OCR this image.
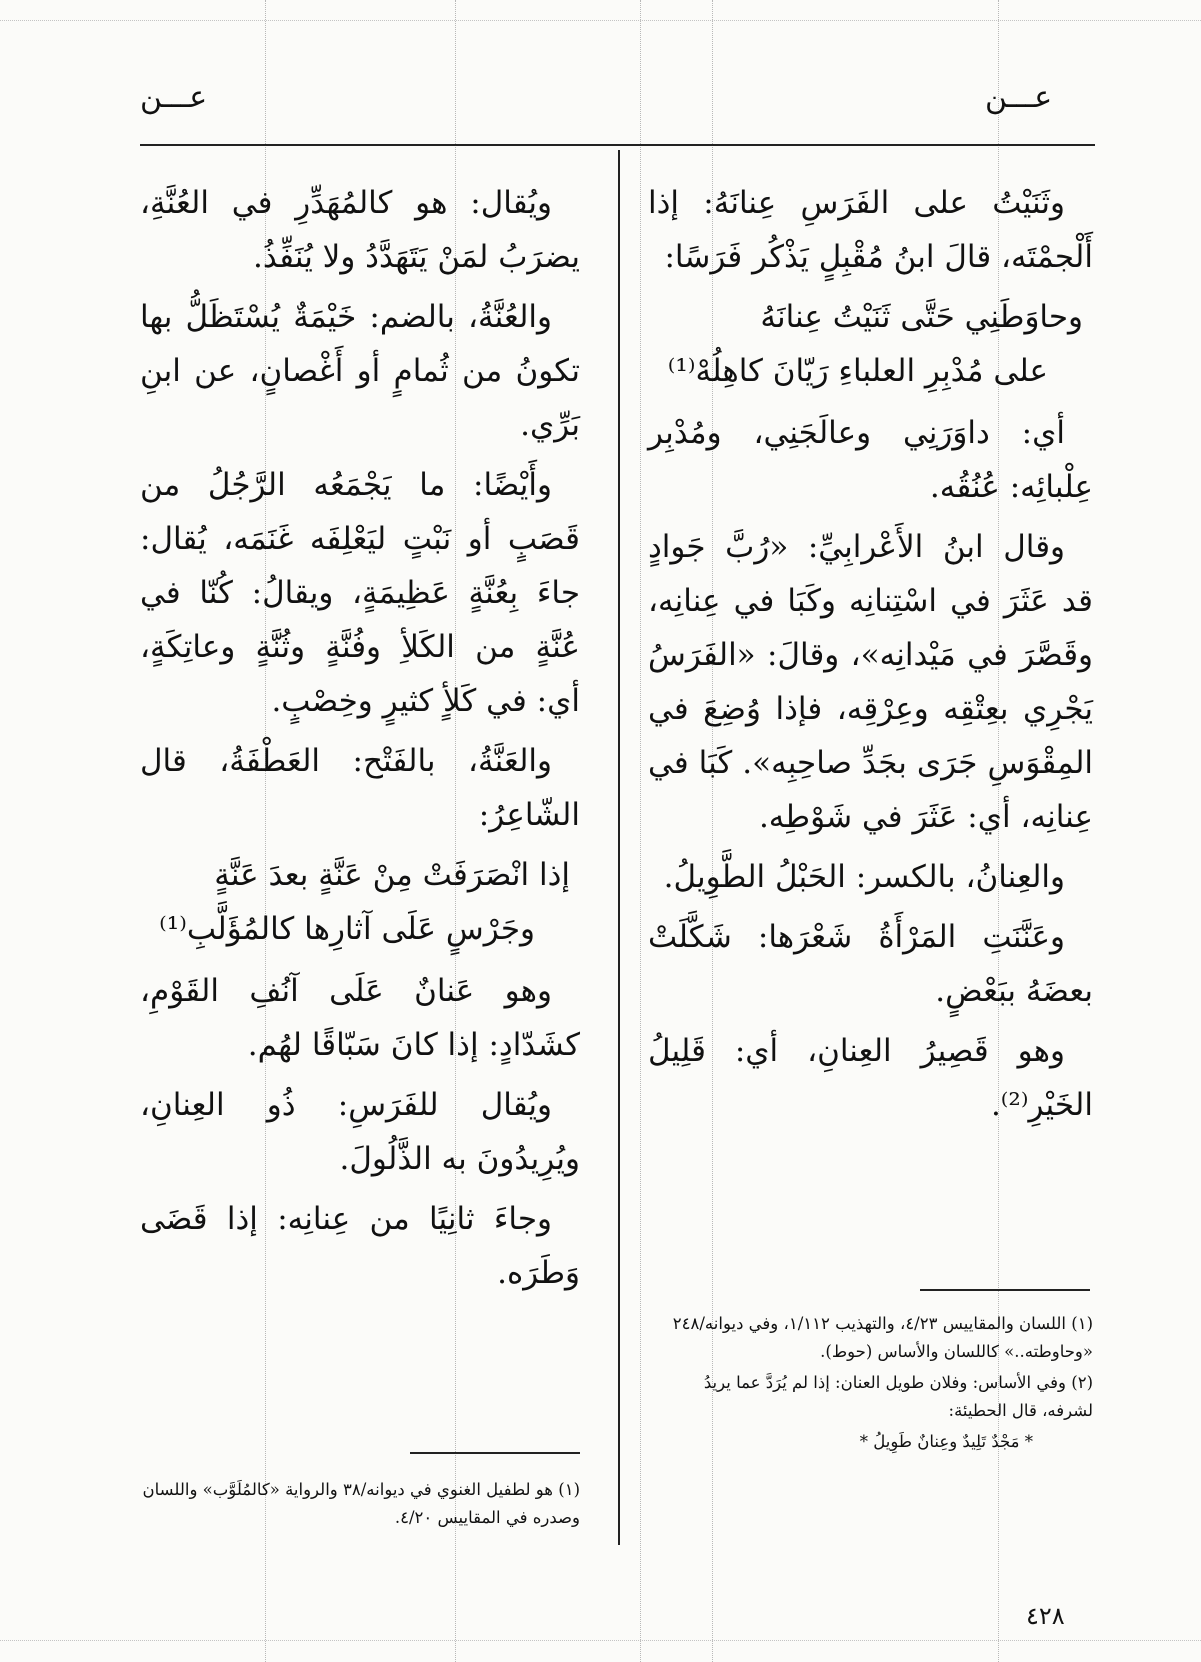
عـــن
عـــن

وثَنَيْتُ على الفَرَسِ عِنانَهُ: إذا أَلْجمْتَه، قالَ ابنُ مُقْبِلٍ يَذْكُر فَرَسًا:

وحاوَطَنِي حَتَّى ثَنَيْتُ عِنانَهُ

على مُدْبِرِ العلباءِ رَيّانَ كاهِلُهْ⁽¹⁾

أي: داوَرَنِي وعالَجَنِي، ومُدْبِر عِلْبائِه: عُنُقُه.

وقال ابنُ الأَعْرابِيِّ: «رُبَّ جَوادٍ قد عَثَرَ في اسْتِنانِه وكَبَا في عِنانِه، وقَصَّرَ في مَيْدانِه»، وقالَ: «الفَرَسُ يَجْرِي بعِتْقِه وعِرْقِه، فإذا وُضِعَ في المِقْوَسِ جَرَى بجَدِّ صاحِبِه». كَبَا في عِنانِه، أي: عَثَرَ في شَوْطِه.

والعِنانُ، بالكسر: الحَبْلُ الطَّوِيلُ.

وعَنَّنَتِ المَرْأَةُ شَعْرَها: شَكَّلَتْ بعضَهُ ببَعْضٍ.

وهو قَصِيرُ العِنانِ، أي: قَلِيلُ الخَيْرِ⁽²⁾.

(١) اللسان والمقاييس ٤/٢٣، والتهذيب ١/١١٢، وفي ديوانه/٢٤٨ «وحاوطته..» كاللسان والأساس (حوط).

(٢) وفي الأساس: وفلان طويل العنان: إذا لم يُرَدَّ عما يريدُ لشرفه، قال الحطيئة:

* مَجْدٌ تَلِيدٌ وعِنانٌ طَوِيلُ *

ويُقال: هو كالمُهَدِّرِ في العُنَّةِ، يضرَبُ لمَنْ يَتَهَدَّدُ ولا يُنَفِّذُ.

والعُنَّةُ، بالضم: خَيْمَةٌ يُسْتَظَلُّ بها تكونُ من ثُمامٍ أو أَغْصانٍ، عن ابنِ بَرِّي.

وأَيْضًا: ما يَجْمَعُه الرَّجُلُ من قَصَبٍ أو نَبْتٍ ليَعْلِفَه غَنَمَه، يُقال: جاءَ بِعُنَّةٍ عَظِيمَةٍ، ويقالُ: كُنّا في عُنَّةٍ من الكَلأِ وفُنَّةٍ وثُنَّةٍ وعاتِكَةٍ، أي: في كَلأٍ كثيرٍ وخِصْبٍ.

والعَنَّةُ، بالفَتْح: العَطْفَةُ، قال الشّاعِرُ:

إذا انْصَرَفَتْ مِنْ عَنَّةٍ بعدَ عَنَّةٍ

وجَرْسٍ عَلَى آثارِها كالمُؤَلَّبِ⁽¹⁾

وهو عَنانٌ عَلَى آنُفِ القَوْمِ، كشَدّادٍ: إذا كانَ سَبّاقًا لهُم.

ويُقال للفَرَسِ: ذُو العِنانِ، ويُرِيدُونَ به الذَّلُولَ.

وجاءَ ثانِيًا من عِنانِه: إذا قَضَى وَطَرَه.

(١) هو لطفيل الغنوي في ديوانه/٣٨ والرواية «كالمُلَوَّب» واللسان وصدره في المقاييس ٤/٢٠.

٤٢٨
